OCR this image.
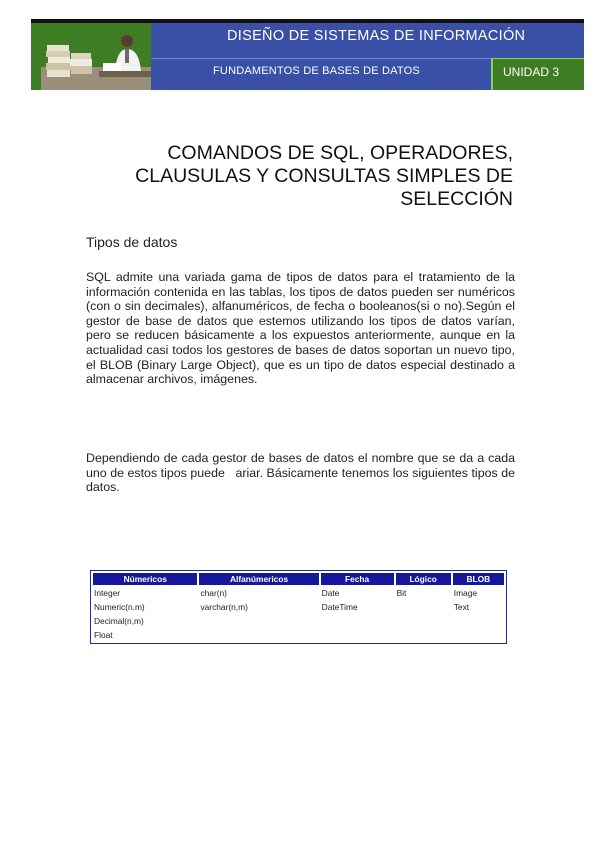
DISEÑO DE SISTEMAS DE INFORMACIÓN
FUNDAMENTOS DE BASES DE DATOS	UNIDAD 3
COMANDOS DE SQL, OPERADORES,
CLAUSULAS Y CONSULTAS SIMPLES DE
SELECCIÓN
Tipos de datos

SQL admite una variada gama de tipos de datos para el tratamiento de la información contenida en las tablas, los tipos de datos pueden ser numéricos (con o sin decimales), alfanuméricos, de fecha o booleanos(si o no).Según el gestor de base de datos que estemos utilizando los tipos de datos varían, pero se reducen básicamente a los expuestos anteriormente, aunque en la actualidad casi todos los gestores de bases de datos soportan un nuevo tipo, el BLOB (Binary Large Object), que es un tipo de datos especial destinado a almacenar archivos, imágenes.

Dependiendo de cada gestor de bases de datos el nombre que se da a cada uno de estos tipos puede   ariar. Básicamente tenemos los siguientes tipos de datos.

Númericos	Alfanúmericos	Fecha	Lógico	BLOB
Integer	char(n)	Date	Bit	Image
Numeric(n.m)	varchar(n,m)	DateTime		Text
Decimal(n,m)				
Float				
